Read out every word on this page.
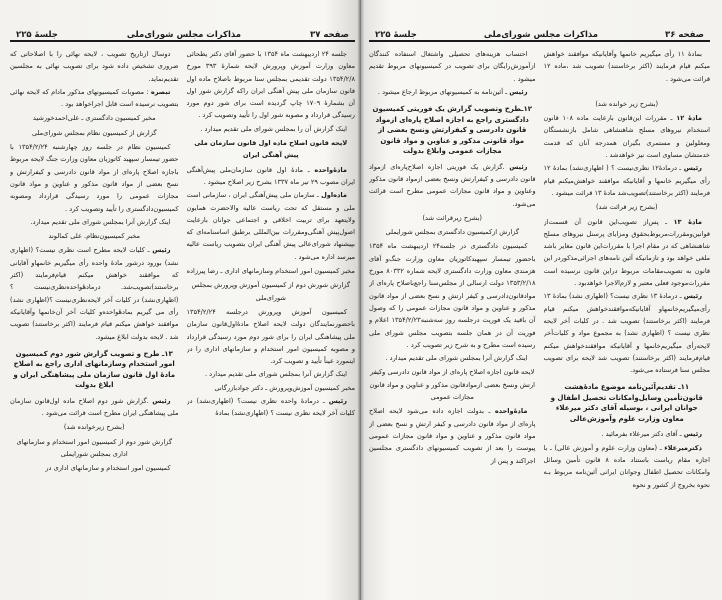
صفحه ۳۷
مذاکرات مجلس شورای‌ملی
جلسهٔ ۲۲۵

جلسه ۲۴ اردیبهشت ماه ۱۳۵۴ با حضور آقای دکتر یطحائی معاون وزارت آموزش وپرورش لایحه شمارهٔ ۳۹۳ مورخ ۱۳۵۴/۲/۸ دولت تقدیمی بمجلس سنا مربوط باصلاح ماده اول قانون سازمان ملی پیش آهنگی ایران راکه گزارش شور اول آن بشمارهٔ ۱۷۰۹ چاپ گردیده است برای شور دوم مورد رسیدگی قرارداد و مصوبه شور اول را تأیید وتصویب کرد .

اینک گزارش آن را بمجلس شورای ملی تقدیم میدارد .

لایحه قانون اصلاح ماده اول قانون سازمان ملی پیش آهنگی ایران

مادهٔ‌واحده ـ مادهٔ اول قانون سازمان‌ملی پیش‌آهنگی ایران مصوب ۲۹ تیر ماه ۱۳۳۷ بشرح زیر اصلاح میشود .

ماده‌اول ـ سازمان ملی پیش‌آهنگی ایران ، سازمانی است ملی و مستقل که تحت ریاست عالیه والاحضرت همایون ولایتعهد برای تربیت اخلاقی و اجتماعی جوانان بارعایت اصول‌پیش آهنگی‌ومقررات بین‌المللی برطبق اساسنامه‌ای که بپیشنهاد شورای‌عالی پیش آهنگی ایران بتصویب ریاست عالیه میرسد اداره می‌شود .

مخبر کمیسیون امور استخدام وسازمانهای اداری ـ رضا پیرزاده

گزارش شورش دوم از کمیسیون آموزش وپرورش بمجلس شورای‌ملی

کمیسیون آموزش وپرورش درجلسه ۱۳۵۴/۲/۲۴ باحضورنمایندگان دولت لایحه اصلاح مادهٔ‌اول‌قانون سازمان ملی پیشاهنگی ایران را برای شور دوم مورد رسیدگی قرارداد و مصوبه کمیسیون امور استخدام و سازمانهای اداری را در اینمورد عیناً تأیید و تصویب کرد.

اینک گزارش آنرا بمجلس شورای ملی تقدیم میدارد .

مخبر کمیسیون آموزش‌وپرورش ـ دکتر جوادبازرگانی

رئیس ـ درمادهٔ واحده نظری نیست؟ (اظهاری‌نشد) در کلیات آخر لایحه نظری نیست ؟ (اظهاری‌نشد) بمادهٔ

دوسال ازتاریخ تصویب ، لایحه نهائی را با اصلاحاتی که ضروری تشخیص داده شود برای تصویب نهائی به مجلسین تقدیم‌نماید.

تبصره : مصوبات کمیسیونهای مذکور مادام که لایحه نهائی بتصویب نرسیده است قابل اجراخواهد بود .

مخبر کمیسیون دادگستری ـ علی‌احمدخورشید

گزارش از کمیسیون نظام بمجلس شورای‌ملی

کمیسیون نظام در جلسه روز چهارشنبه ۱۳۵۴/۲/۲۴ با حضور تیمسار سپهبد کاتوزیان معاون وزارت جنگ لایحه مربوط باجازه اصلاح پاره‌ای از مواد قانون دادرسی و کیفرارتش و نسخ بعضی از مواد قانون مذکور و عناوین و مواد قانون مجازات عمومی را مورد رسیدگی قرارداد ومصوبه کمیسیون‌دادگستری را تأیید وتصویب کرد .

اینک گزارش آنرا بمجلس شورای ملی تقدیم میدارد.

مخبر کمیسیون‌نظام. علی کمالوند

رئیس ـ کلیات لایحه مطرح است نظری نیست؟ (اظهاری نشد) بورود درشور مادهٔ واحده رأی میگیریم خانمهاو آقایانی که موافقند خواهش میکنم قیام‌فرمایند (اکثر برخاستند)تصویب‌شد. درمادهٔواحده‌نظری‌نیست ؟ (اظهاری‌نشد) در کلیات آخر لایحه‌نظری‌نیست ؟(اظهاری نشد) رأی می گیریم بمادهٔواحده‌و کلیات آخر آن‌خانمها وآقایانیکه موافقند خواهش میکنم قیام فرمایند (اکثر برخاستند) تصویب شد . لایحه بدولت ابلاغ میشود.

۱۳ـ طرح و تصویب گزارش شور دوم کمیسیون امور استخدام وسازمانهای اداری راجع به اصلاح مادهٔ اول قانون سازمان ملی پیشاهنگی ایران و ابلاغ بدولت

رئیس .گزارش شور دوم اصلاح ماده اول‌قانون سازمان ملی پیشاهنگی ایران مطرح است قرائت می‌شود .

(بشرح زیرخوانده شد)

گزارش شور دوم از کمیسیون امور استخدام و سازمانهای اداری بمجلس شورایملی

کمیسیون امور استخدام و سازمانهای اداری در

صفحه ۳۶
مذاکرات مجلس شورای‌ملی
جلسهٔ ۲۲۵

بمادهٔ ۱۱ رأی میگیریم خانمها وآقایانیکه موافقند خواهش میکنم قیام فرمایند (اکثر برخاستند) تصویب شد ،ماده ۱۲ قرائت می‌شود .

(بشرح زیر خوانده شد)

مادهٔ ۱۲ ـ مقررات این‌قانون بارعایت ماده ۱۰۸ قانون استخدام نیروهای مسلح شاهنشاهی شامل بازنشستگان ومعلولین و مستمری بگیران همدرجه آنان که قدمت خدمتشان مساوی است نیز خواهدشد .

رئیس ـ درمادهٔ۱۲ نظری‌نیست ؟ ( اظهاری‌نشد) بمادهٔ ۱۲ رأی میگیریم خانمها و آقایانیکه موافقند خواهش‌میکنم قیام فرمایند (اکثر برخاستند)تصویب‌شد مادهٔ ۱۳ قرائت میشود .

(بشرح زیر قرائت شد)

مادهٔ ۱۳ ـ پس‌از تصویب‌این قانون آن قسمت‌از قوانین‌ومقررات‌مربوط‌بحقوق ومزایای پرسنل نیروهای مسلح شاهنشاهی که در مقام اجرا با مقررات‌این قانون مغایر باشد ملغی خواهد بود و تازمانیکه آئین نامه‌های اجرائی‌مذکوردر این قانون به تصویب‌مقامات مربوط دراین قانون نرسیده است مقررات‌موجود فعلی معتبر و لازم‌الاجرا خواهدبود .

رئیس ـ درمادهٔ ۱۳ نظری نیست؟ (اظهاری نشد) بمادهٔ ۱۳ رأی‌میگیریم‌خانمهاو آقایانیکه‌موافقندخواهش میکنم قیام فرمایند (اکثر برخاستند) تصویب شد . در کلیات آخر لایحه نظری نیست ؟ (اظهاری نشد) به مجموع مواد و کلیات‌آخر لایحه‌رأی میگیریم‌خانمها و آقایانیکه موافقندخواهش میکنم قیام‌فرمایند (اکثر برخاستند) تصویب شد لایحه برای تصویب مجلس سنا فرستاده می‌شود.

۱۱ـ تقدیم‌آئین‌نامه موضوع مادهٔ‌هشت قانون‌تأمین وسایل‌وامکانات تحصیل اطفال و جوانان ایرانی ، بوسیله آقای دکتر میرعلاء معاون وزارت علوم وآموزش‌عالی

رئیس ـ آقای دکتر میرعلاء بفرمائید .

دکترمیرعلاء ـ (معاون وزارت علوم و آموزش عالی) ـ با اجازه مقام ریاست باستناد ماده ۸ قانون تأمین وسائل وامکانات تحصیل اطفال وجوانان ایرانی آئین‌نامه مربوط بـه نحوه بخروج از کشور و نحوه

احتساب هزینه‌های تحصیلی واشتغال استفاده کنندگان ازآموزش‌رایگان برای تصویب در کمیسیونهای مربوط تقدیم میشود .

رئیس ـ آئین‌نامه به کمیسیونهای مربوط ارجاع میشود .

۱۲ـطرح وتصویب گزارش یک فوریتی کمیسیون دادگستری راجع به اجازه اصلاح پاره‌ای ازمواد قانون دادرسی و کیفرارتش ونسخ بعضی از مواد قانونی مذکور و عناوین و مواد قانون مجازات عمومی وابلاغ بدولت

رئیس .گزارش یک فوریتی اجازه اصلاح‌پاره‌ای ازمواد قانون دادرسی و کیفرارتش ونسخ بعضی ازمواد قانون مذکور وعناوین و مواد قانون مجازات عمومی مطرح است قرائت می‌شود.

(بشرح زیرقرائت شد)

گزارش ازکمیسیون دادگستری بمجلس شورایملی

کمیسیون دادگستری در جلسه۲۴ اردیبهشت ماه ۱۳۵۴ باحضور تیمسار سپهبدکاتوزیان معاون وزارت جنگ‌و آقای هزمندی معاون وزارت دادگستری لایحه شماره ۸۰۳۳۲ مورخ ۱۳۵۳/۲/۱۸ دولت ارسالی از مجلس‌سنا راجع‌باصلاح پاره‌ای از موادقانون‌دادرسی و کیفر ارتش و نسخ بعضی از مواد قانون مذکور و عناوین و مواد قانون مجازات عمومی را که وصول آن باقید یک فوریت درجلسه روز سه‌شنبه۱۳۵۴/۲/۲۳ اعلام و فوریت آن در همان جلسه بتصویب مجلس شورای ملی رسیده است مطرح و به شرح زیر تصویب کرد .

اینک گزارش آنرا بمجلس شورای ملی تقدیم میدارد .

لایحه قانون اجازه اصلاح پاره‌ای از مواد قانون دادرسی وکیفر ارتش ونسخ بعضی ازموادقانون مذکور و عناوین و مواد قانون مجازات عمومی

مادهٔ‌واحده ـ بدولت اجازه داده می‌شود لایحه اصلاح پاره‌ای از مواد قانون دادرسی و کیفر ارتش و نسخ بعضی از مواد قانون مذکور و عناوین و مواد قانون مجازات عمومی پیوست را بعد از تصویب کمیسیونهای دادگستری مجلسین اجراکند و پس از
